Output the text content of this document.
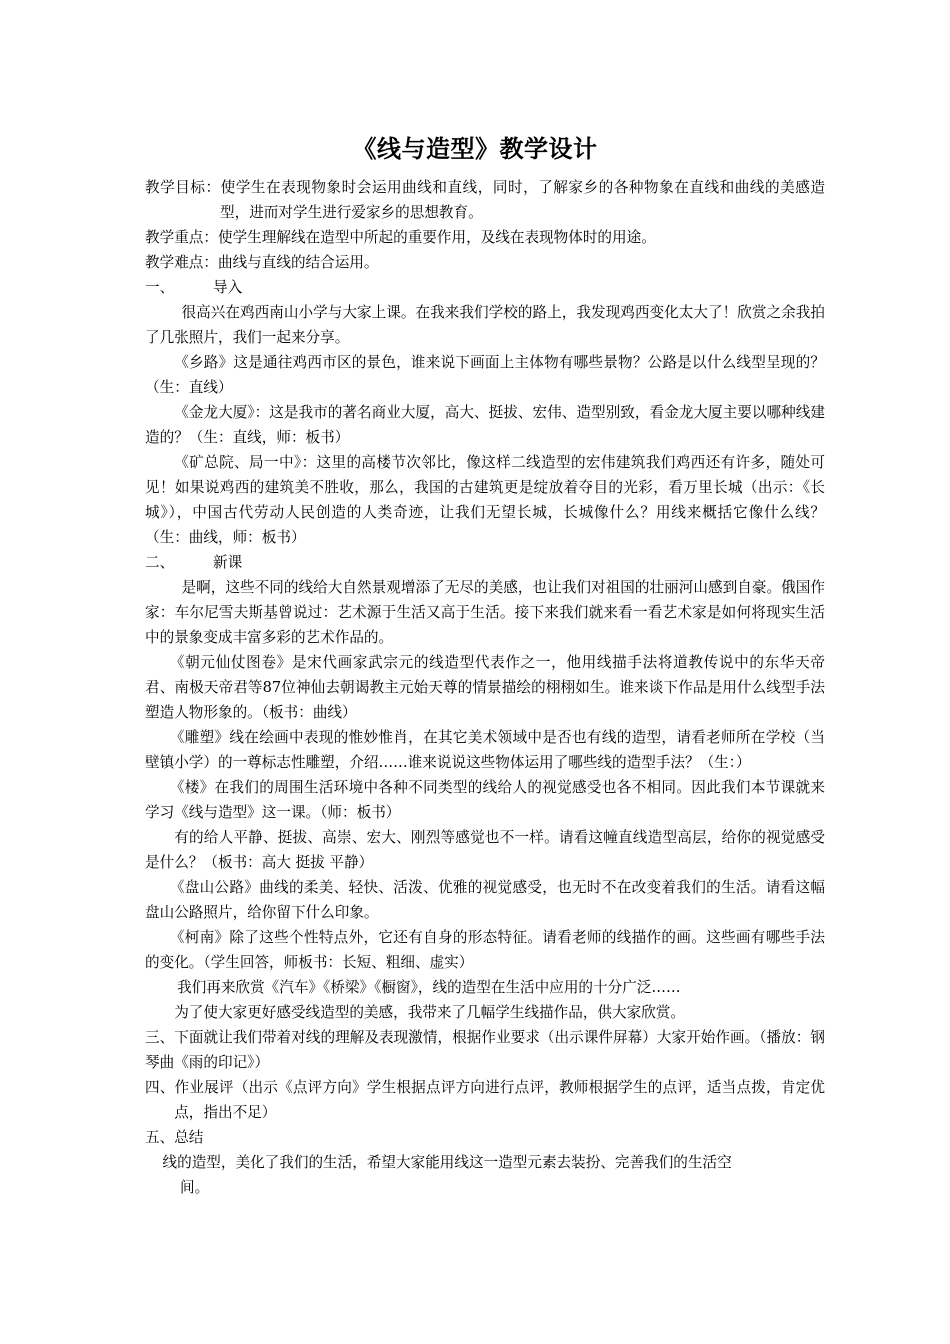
《线与造型》教学设计

教学目标：使学生在表现物象时会运用曲线和直线，同时，了解家乡的各种物象在直线和曲线的美感造型，进而对学生进行爱家乡的思想教育。

教学重点：使学生理解线在造型中所起的重要作用，及线在表现物体时的用途。

教学难点：曲线与直线的结合运用。

一、	导入

很高兴在鸡西南山小学与大家上课。在我来我们学校的路上，我发现鸡西变化太大了！欣赏之余我拍了几张照片，我们一起来分享。

《乡路》这是通往鸡西市区的景色，谁来说下画面上主体物有哪些景物？公路是以什么线型呈现的？（生：直线）

《金龙大厦》：这是我市的著名商业大厦，高大、挺拔、宏伟、造型别致，看金龙大厦主要以哪种线建造的？（生：直线，师：板书）

《矿总院、局一中》：这里的高楼节次邻比，像这样二线造型的宏伟建筑我们鸡西还有许多，随处可见！如果说鸡西的建筑美不胜收，那么，我国的古建筑更是绽放着夺目的光彩，看万里长城（出示：《长城》），中国古代劳动人民创造的人类奇迹，让我们无望长城，长城像什么？用线来概括它像什么线？（生：曲线，师：板书）

二、	新课

是啊，这些不同的线给大自然景观增添了无尽的美感，也让我们对祖国的壮丽河山感到自豪。俄国作家：车尔尼雪夫斯基曾说过：艺术源于生活又高于生活。接下来我们就来看一看艺术家是如何将现实生活中的景象变成丰富多彩的艺术作品的。

《朝元仙仗图卷》是宋代画家武宗元的线造型代表作之一，他用线描手法将道教传说中的东华天帝君、南极天帝君等87位神仙去朝谒教主元始天尊的情景描绘的栩栩如生。谁来谈下作品是用什么线型手法塑造人物形象的。（板书：曲线）

《雕塑》线在绘画中表现的惟妙惟肖，在其它美术领域中是否也有线的造型，请看老师所在学校（当壁镇小学）的一尊标志性雕塑，介绍……谁来说说这些物体运用了哪些线的造型手法？（生：）

《楼》在我们的周围生活环境中各种不同类型的线给人的视觉感受也各不相同。因此我们本节课就来学习《线与造型》这一课。（师：板书）

有的给人平静、挺拔、高崇、宏大、刚烈等感觉也不一样。请看这幢直线造型高层，给你的视觉感受是什么？（板书：高大 挺拔 平静）

《盘山公路》曲线的柔美、轻快、活泼、优雅的视觉感受，也无时不在改变着我们的生活。请看这幅盘山公路照片，给你留下什么印象。

《柯南》除了这些个性特点外，它还有自身的形态特征。请看老师的线描作的画。这些画有哪些手法的变化。（学生回答，师板书：长短、粗细、虚实）

我们再来欣赏《汽车》《桥梁》《橱窗》，线的造型在生活中应用的十分广泛……

为了使大家更好感受线造型的美感，我带来了几幅学生线描作品，供大家欣赏。

三、下面就让我们带着对线的理解及表现激情，根据作业要求（出示课件屏幕）大家开始作画。（播放：钢琴曲《雨的印记》）

四、作业展评（出示《点评方向》学生根据点评方向进行点评，教师根据学生的点评，适当点拨，肯定优点，指出不足）

五、总结

线的造型，美化了我们的生活，希望大家能用线这一造型元素去装扮、完善我们的生活空
间。
